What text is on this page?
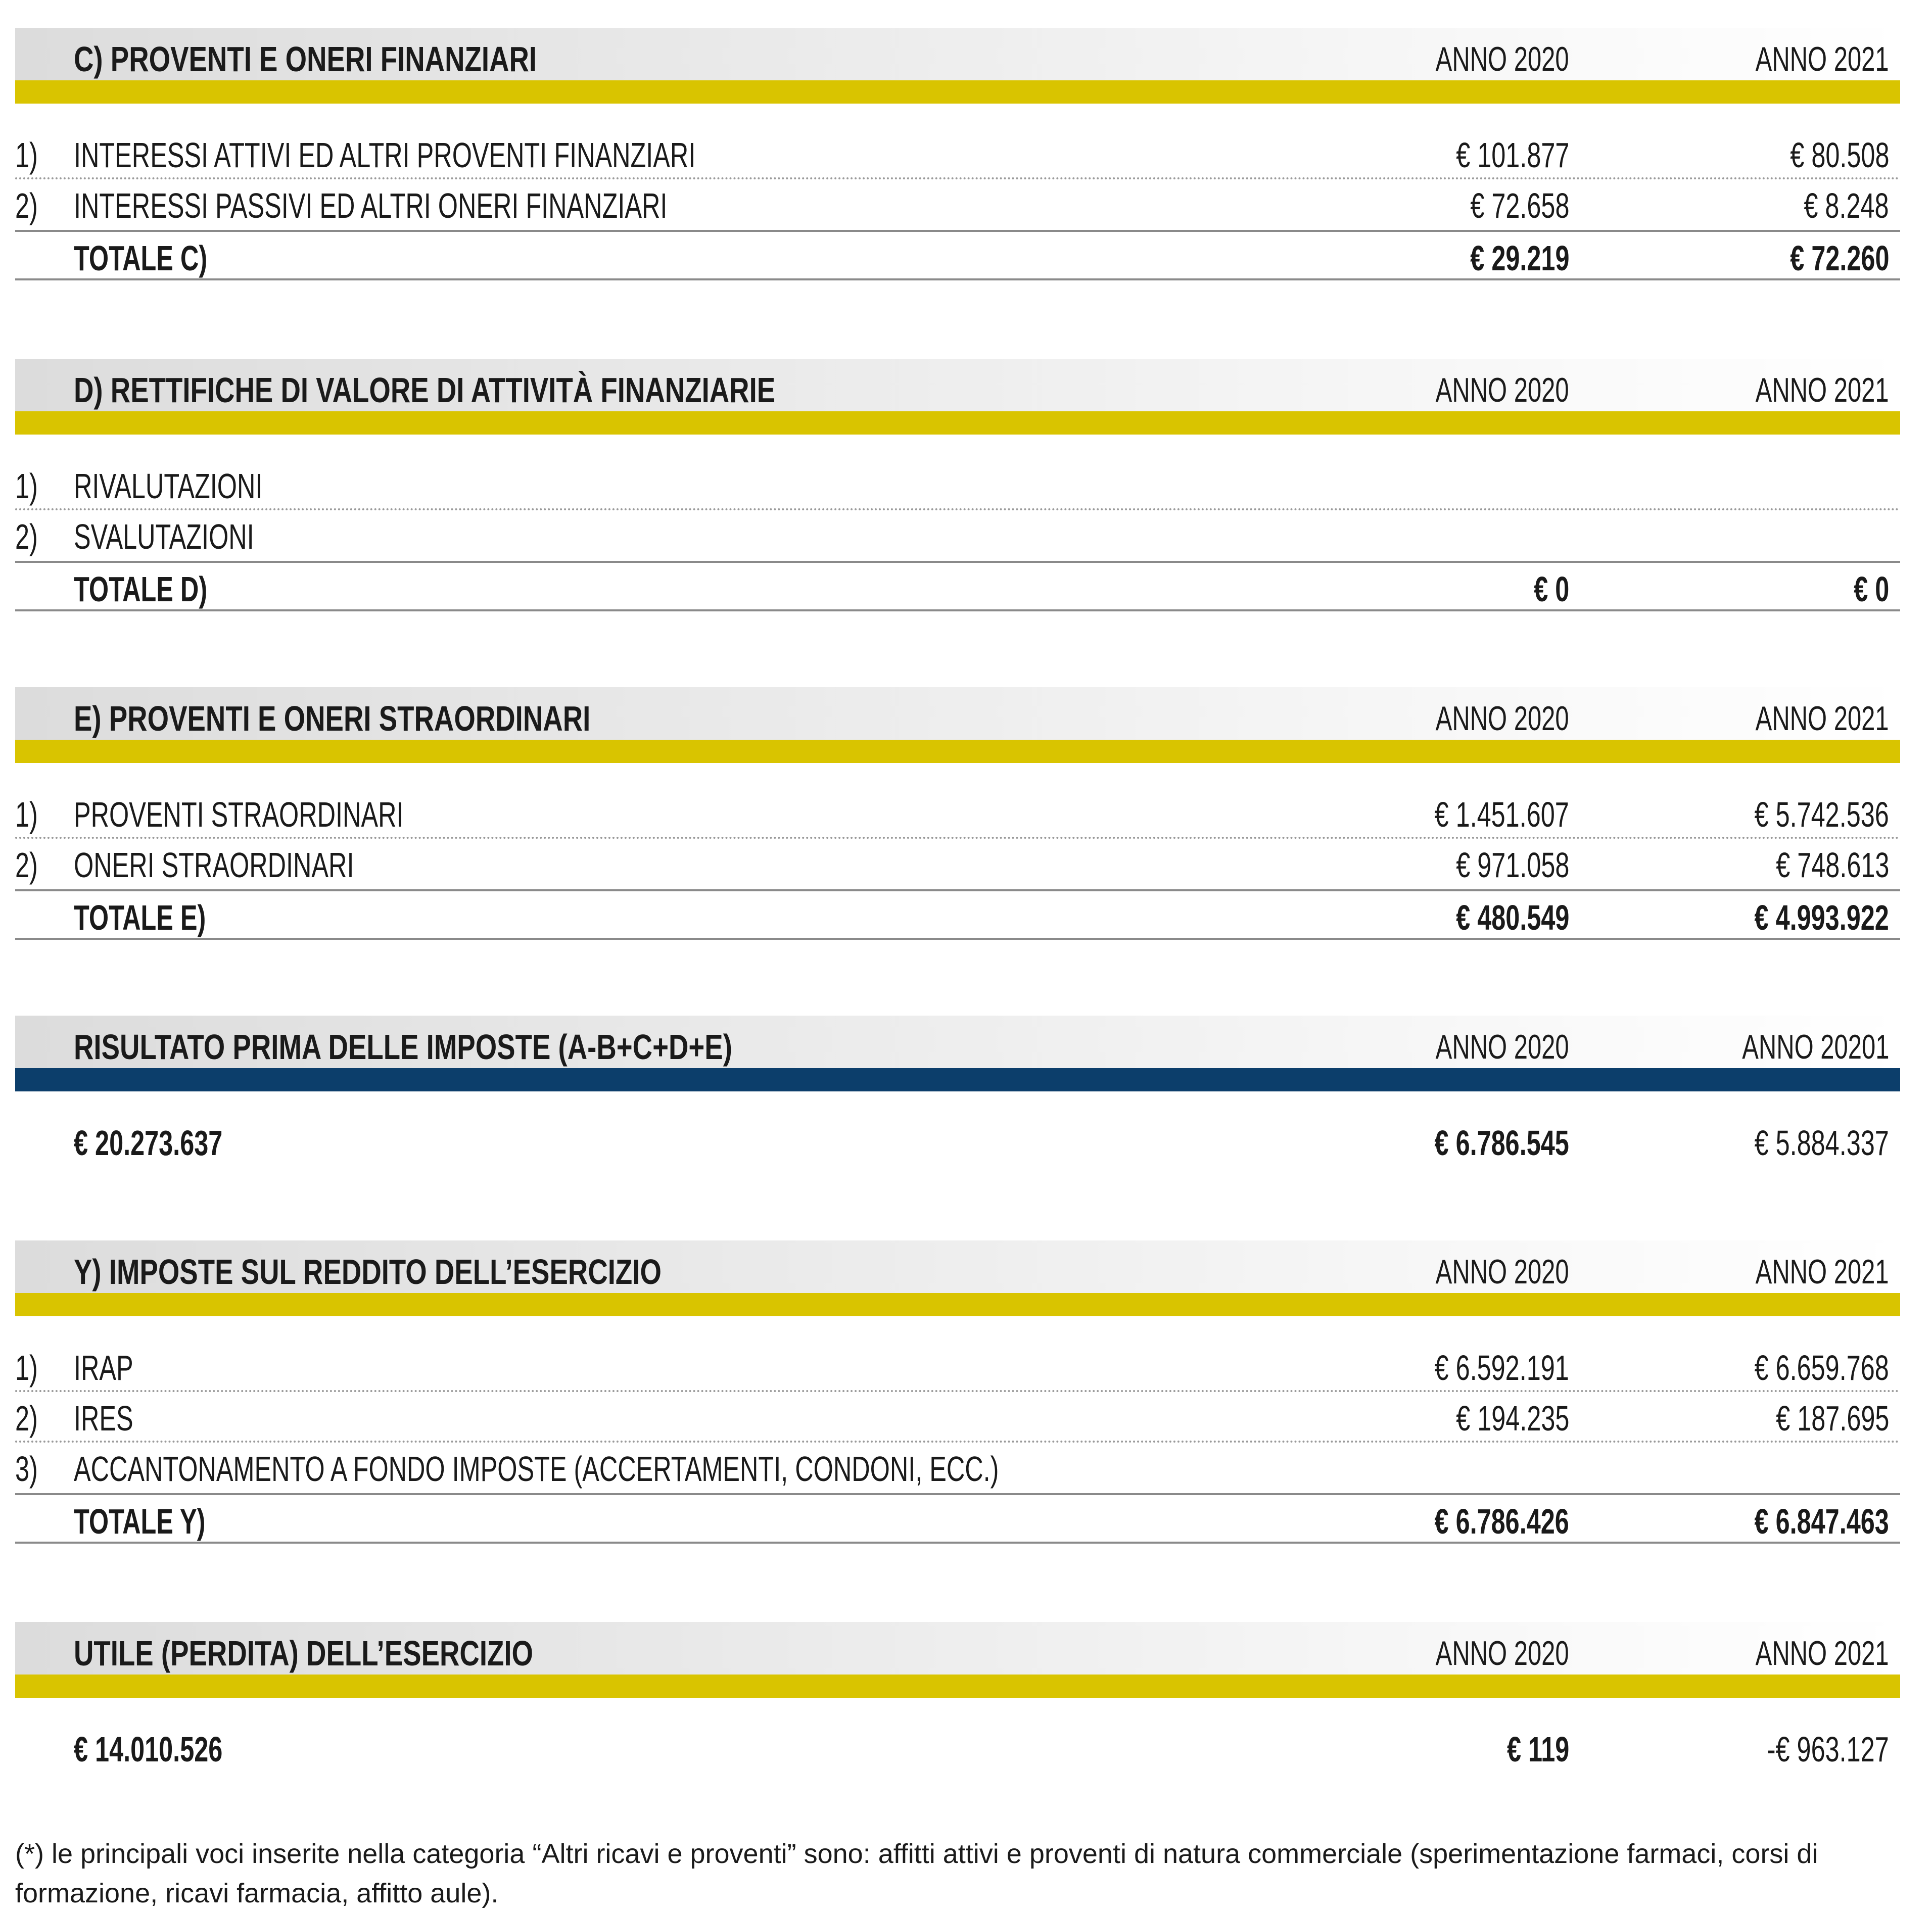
C) PROVENTI E ONERI FINANZIARI	ANNO 2020	ANNO 2021
1) INTERESSI ATTIVI ED ALTRI PROVENTI FINANZIARI	€ 101.877	€ 80.508
2) INTERESSI PASSIVI ED ALTRI ONERI FINANZIARI	€ 72.658	€ 8.248
TOTALE C)	€ 29.219	€ 72.260
D) RETTIFICHE DI VALORE DI ATTIVITÀ FINANZIARIE	ANNO 2020	ANNO 2021
1) RIVALUTAZIONI
2) SVALUTAZIONI
TOTALE D)	€ 0	€ 0
E) PROVENTI E ONERI STRAORDINARI	ANNO 2020	ANNO 2021
1) PROVENTI STRAORDINARI	€ 1.451.607	€ 5.742.536
2) ONERI STRAORDINARI	€ 971.058	€ 748.613
TOTALE E)	€ 480.549	€ 4.993.922
RISULTATO PRIMA DELLE IMPOSTE (A-B+C+D+E)	ANNO 2020	ANNO 20201
€ 20.273.637	€ 6.786.545	€ 5.884.337
Y) IMPOSTE SUL REDDITO DELL’ESERCIZIO	ANNO 2020	ANNO 2021
1) IRAP	€ 6.592.191	€ 6.659.768
2) IRES	€ 194.235	€ 187.695
3) ACCANTONAMENTO A FONDO IMPOSTE (ACCERTAMENTI, CONDONI, ECC.)
TOTALE Y)	€ 6.786.426	€ 6.847.463
UTILE (PERDITA) DELL’ESERCIZIO	ANNO 2020	ANNO 2021
€ 14.010.526	€ 119	-€ 963.127
(*) le principali voci inserite nella categoria “Altri ricavi e proventi” sono: affitti attivi e proventi di natura commerciale (sperimentazione farmaci, corsi di formazione, ricavi farmacia, affitto aule).
